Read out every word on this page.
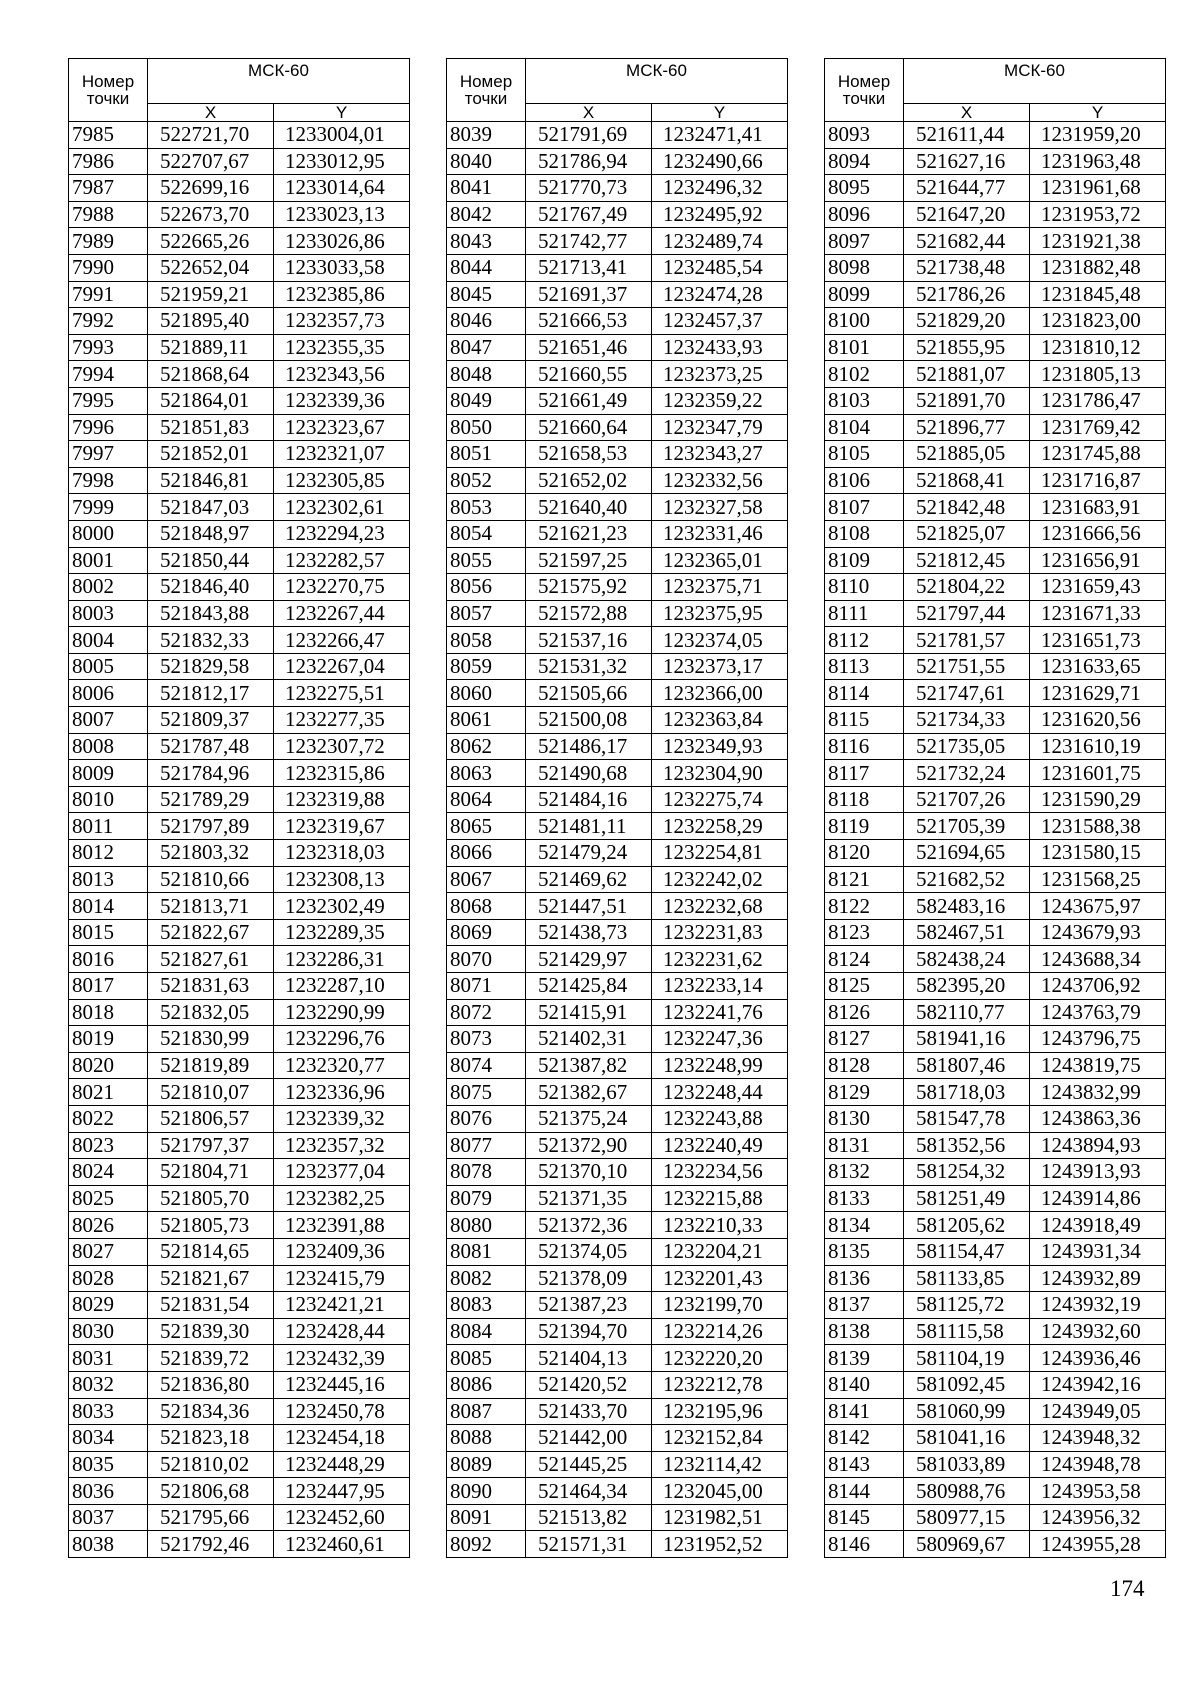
Номер точки	МСК-60	
	X	Y
7985	522721,70	1233004,01
7986	522707,67	1233012,95
7987	522699,16	1233014,64
7988	522673,70	1233023,13
7989	522665,26	1233026,86
7990	522652,04	1233033,58
7991	521959,21	1232385,86
7992	521895,40	1232357,73
7993	521889,11	1232355,35
7994	521868,64	1232343,56
7995	521864,01	1232339,36
7996	521851,83	1232323,67
7997	521852,01	1232321,07
7998	521846,81	1232305,85
7999	521847,03	1232302,61
8000	521848,97	1232294,23
8001	521850,44	1232282,57
8002	521846,40	1232270,75
8003	521843,88	1232267,44
8004	521832,33	1232266,47
8005	521829,58	1232267,04
8006	521812,17	1232275,51
8007	521809,37	1232277,35
8008	521787,48	1232307,72
8009	521784,96	1232315,86
8010	521789,29	1232319,88
8011	521797,89	1232319,67
8012	521803,32	1232318,03
8013	521810,66	1232308,13
8014	521813,71	1232302,49
8015	521822,67	1232289,35
8016	521827,61	1232286,31
8017	521831,63	1232287,10
8018	521832,05	1232290,99
8019	521830,99	1232296,76
8020	521819,89	1232320,77
8021	521810,07	1232336,96
8022	521806,57	1232339,32
8023	521797,37	1232357,32
8024	521804,71	1232377,04
8025	521805,70	1232382,25
8026	521805,73	1232391,88
8027	521814,65	1232409,36
8028	521821,67	1232415,79
8029	521831,54	1232421,21
8030	521839,30	1232428,44
8031	521839,72	1232432,39
8032	521836,80	1232445,16
8033	521834,36	1232450,78
8034	521823,18	1232454,18
8035	521810,02	1232448,29
8036	521806,68	1232447,95
8037	521795,66	1232452,60
8038	521792,46	1232460,61
Номер точки	МСК-60	
	X	Y
8039	521791,69	1232471,41
8040	521786,94	1232490,66
8041	521770,73	1232496,32
8042	521767,49	1232495,92
8043	521742,77	1232489,74
8044	521713,41	1232485,54
8045	521691,37	1232474,28
8046	521666,53	1232457,37
8047	521651,46	1232433,93
8048	521660,55	1232373,25
8049	521661,49	1232359,22
8050	521660,64	1232347,79
8051	521658,53	1232343,27
8052	521652,02	1232332,56
8053	521640,40	1232327,58
8054	521621,23	1232331,46
8055	521597,25	1232365,01
8056	521575,92	1232375,71
8057	521572,88	1232375,95
8058	521537,16	1232374,05
8059	521531,32	1232373,17
8060	521505,66	1232366,00
8061	521500,08	1232363,84
8062	521486,17	1232349,93
8063	521490,68	1232304,90
8064	521484,16	1232275,74
8065	521481,11	1232258,29
8066	521479,24	1232254,81
8067	521469,62	1232242,02
8068	521447,51	1232232,68
8069	521438,73	1232231,83
8070	521429,97	1232231,62
8071	521425,84	1232233,14
8072	521415,91	1232241,76
8073	521402,31	1232247,36
8074	521387,82	1232248,99
8075	521382,67	1232248,44
8076	521375,24	1232243,88
8077	521372,90	1232240,49
8078	521370,10	1232234,56
8079	521371,35	1232215,88
8080	521372,36	1232210,33
8081	521374,05	1232204,21
8082	521378,09	1232201,43
8083	521387,23	1232199,70
8084	521394,70	1232214,26
8085	521404,13	1232220,20
8086	521420,52	1232212,78
8087	521433,70	1232195,96
8088	521442,00	1232152,84
8089	521445,25	1232114,42
8090	521464,34	1232045,00
8091	521513,82	1231982,51
8092	521571,31	1231952,52
Номер точки	МСК-60	
	X	Y
8093	521611,44	1231959,20
8094	521627,16	1231963,48
8095	521644,77	1231961,68
8096	521647,20	1231953,72
8097	521682,44	1231921,38
8098	521738,48	1231882,48
8099	521786,26	1231845,48
8100	521829,20	1231823,00
8101	521855,95	1231810,12
8102	521881,07	1231805,13
8103	521891,70	1231786,47
8104	521896,77	1231769,42
8105	521885,05	1231745,88
8106	521868,41	1231716,87
8107	521842,48	1231683,91
8108	521825,07	1231666,56
8109	521812,45	1231656,91
8110	521804,22	1231659,43
8111	521797,44	1231671,33
8112	521781,57	1231651,73
8113	521751,55	1231633,65
8114	521747,61	1231629,71
8115	521734,33	1231620,56
8116	521735,05	1231610,19
8117	521732,24	1231601,75
8118	521707,26	1231590,29
8119	521705,39	1231588,38
8120	521694,65	1231580,15
8121	521682,52	1231568,25
8122	582483,16	1243675,97
8123	582467,51	1243679,93
8124	582438,24	1243688,34
8125	582395,20	1243706,92
8126	582110,77	1243763,79
8127	581941,16	1243796,75
8128	581807,46	1243819,75
8129	581718,03	1243832,99
8130	581547,78	1243863,36
8131	581352,56	1243894,93
8132	581254,32	1243913,93
8133	581251,49	1243914,86
8134	581205,62	1243918,49
8135	581154,47	1243931,34
8136	581133,85	1243932,89
8137	581125,72	1243932,19
8138	581115,58	1243932,60
8139	581104,19	1243936,46
8140	581092,45	1243942,16
8141	581060,99	1243949,05
8142	581041,16	1243948,32
8143	581033,89	1243948,78
8144	580988,76	1243953,58
8145	580977,15	1243956,32
8146	580969,67	1243955,28
174
